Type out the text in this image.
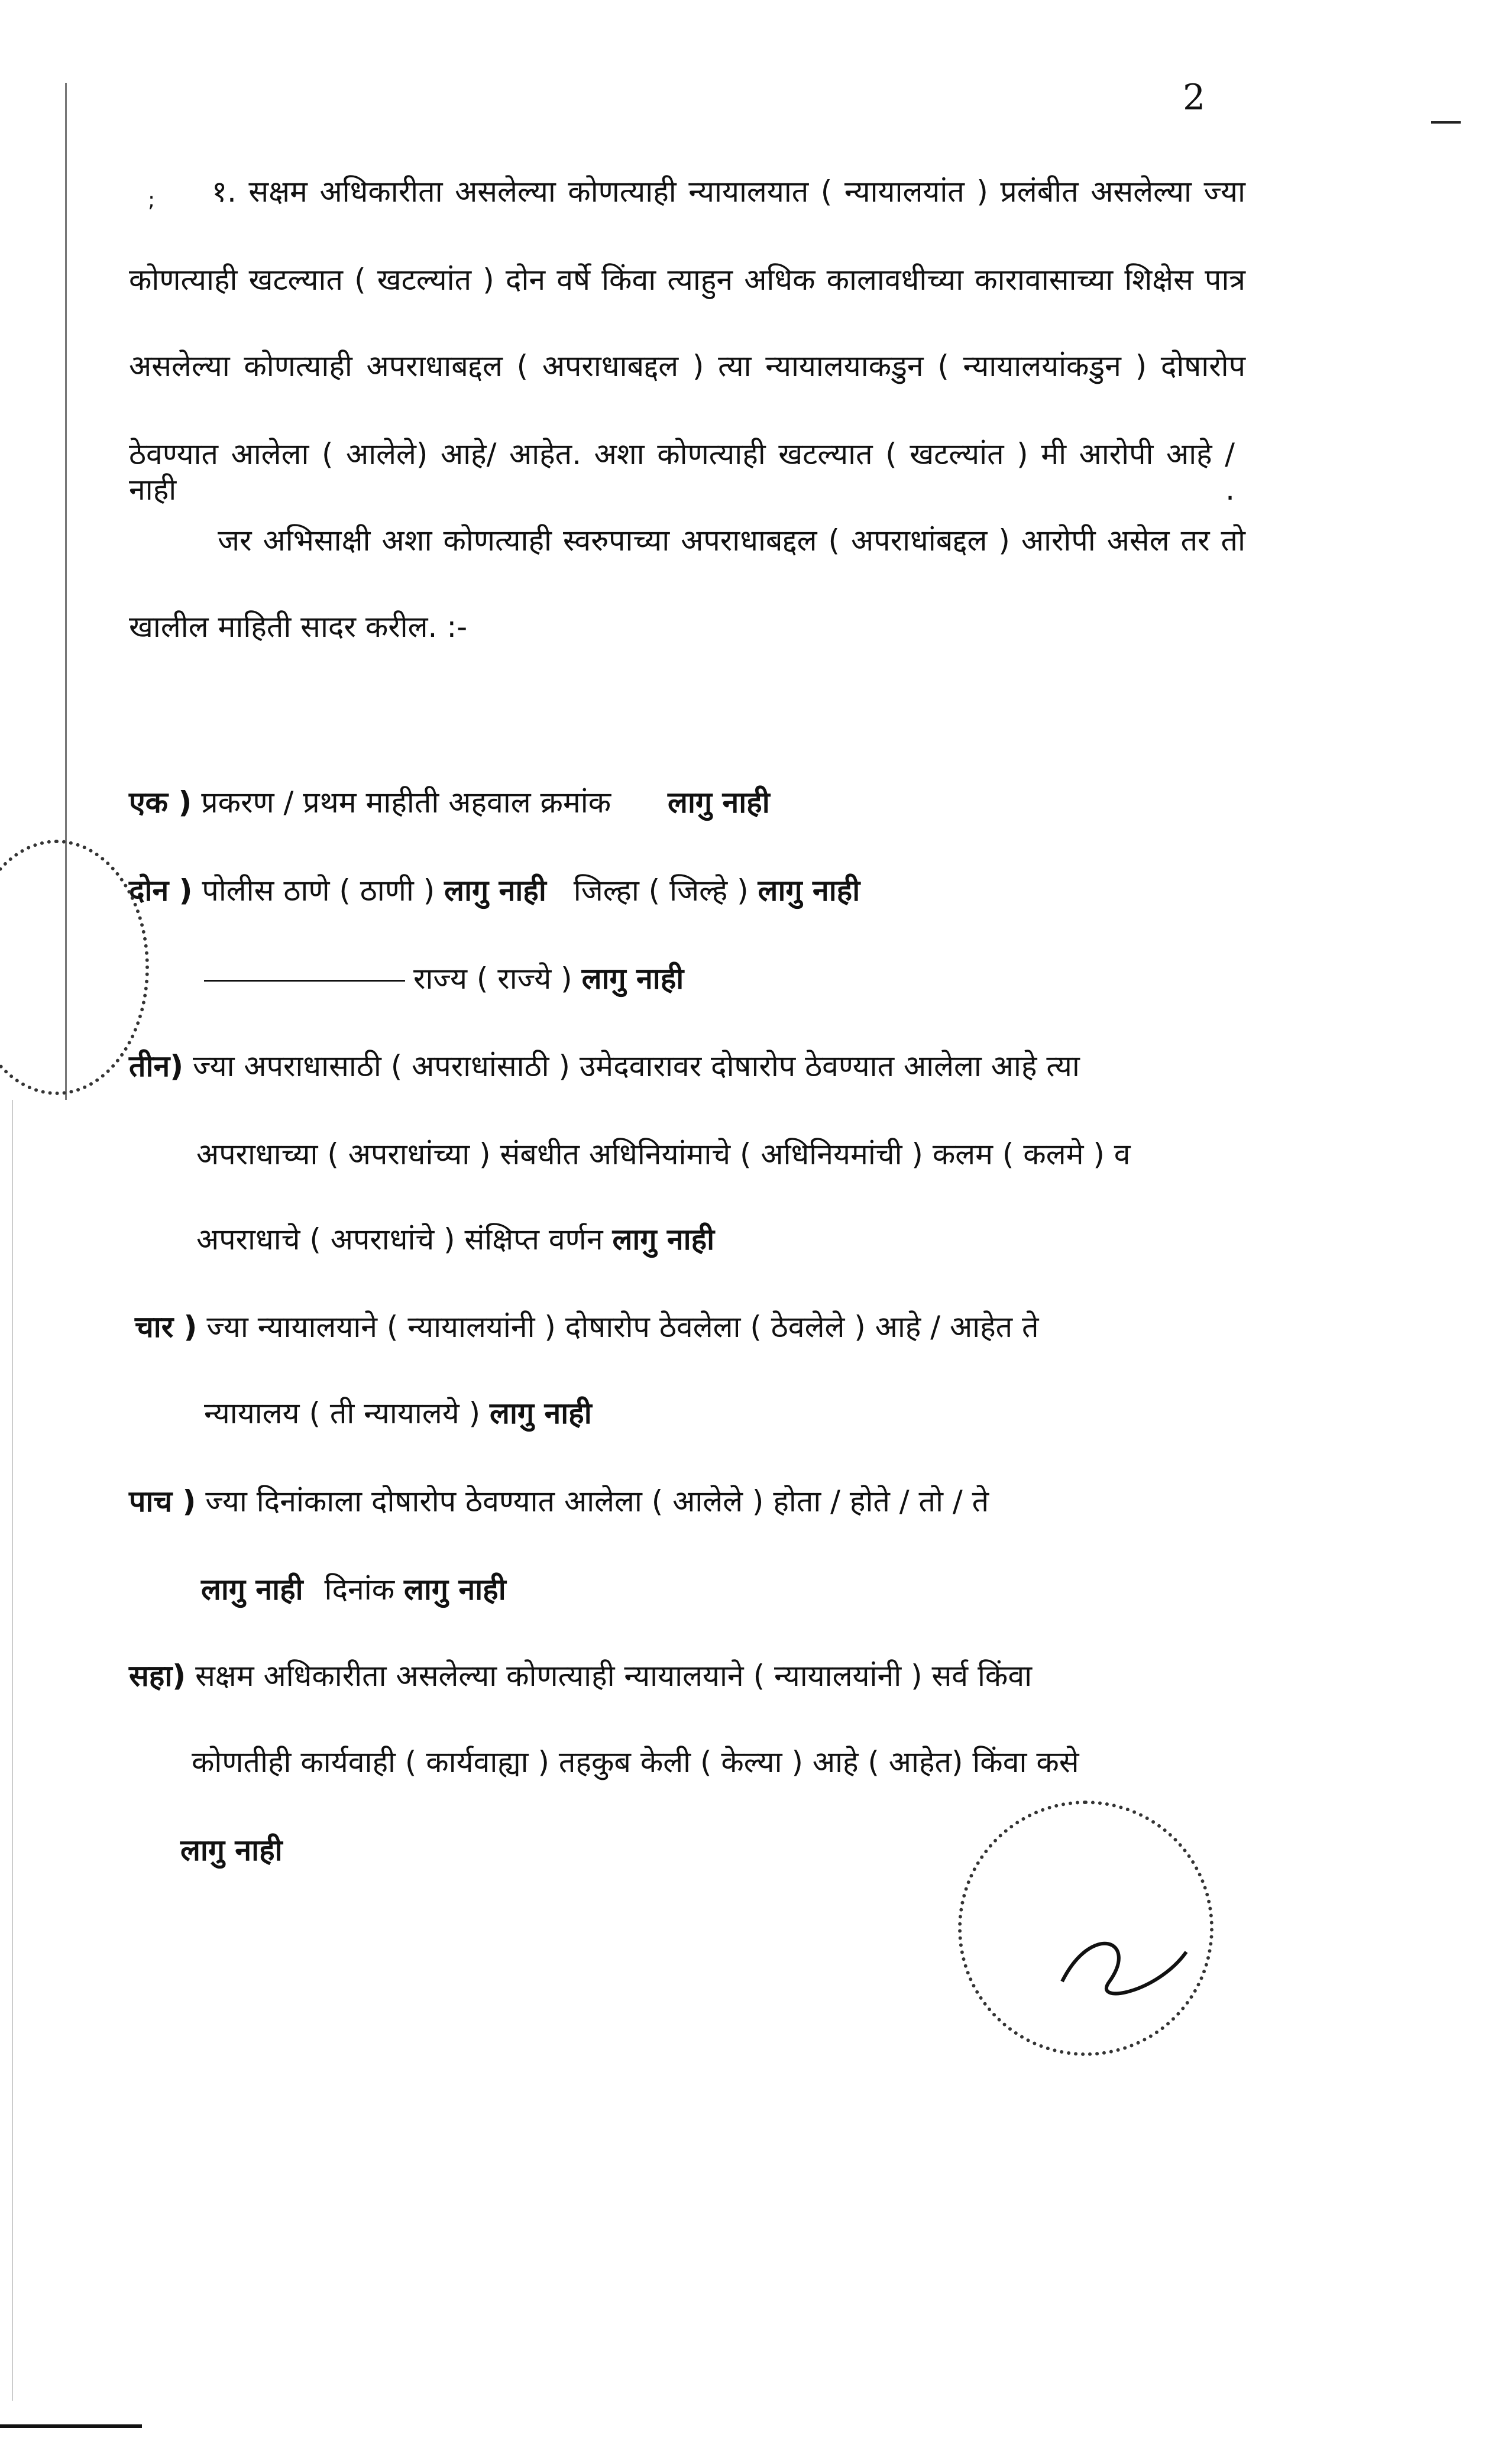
2
;	१. सक्षम अधिकारीता असलेल्या कोणत्याही न्यायालयात ( न्यायालयांत ) प्रलंबीत असलेल्या ज्या
कोणत्याही खटल्यात ( खटल्यांत ) दोन वर्षे किंवा त्याहुन अधिक कालावधीच्या कारावासाच्या शिक्षेस पात्र
असलेल्या कोणत्याही अपराधाबद्दल ( अपराधाबद्दल ) त्या न्यायालयाकडुन ( न्यायालयांकडुन ) दोषारोप
ठेवण्यात आलेला ( आलेले) आहे/ आहेत. अशा कोणत्याही खटल्यात ( खटल्यांत ) मी आरोपी आहे / नाही .
जर अभिसाक्षी अशा कोणत्याही स्वरुपाच्या अपराधाबद्दल ( अपराधांबद्दल ) आरोपी असेल तर तो
खालील माहिती सादर करील. :-
एक ) प्रकरण / प्रथम माहीती अहवाल क्रमांक लागु नाही
दोन ) पोलीस ठाणे ( ठाणी ) लागु नाही जिल्हा ( जिल्हे ) लागु नाही
राज्य ( राज्ये ) लागु नाही
तीन) ज्या अपराधासाठी ( अपराधांसाठी ) उमेदवारावर दोषारोप ठेवण्यात आलेला आहे त्या
अपराधाच्या ( अपराधांच्या ) संबधीत अधिनियांमाचे ( अधिनियमांची ) कलम ( कलमे ) व
अपराधाचे ( अपराधांचे ) संक्षिप्त वर्णन लागु नाही
चार ) ज्या न्यायालयाने ( न्यायालयांनी ) दोषारोप ठेवलेला ( ठेवलेले ) आहे / आहेत ते
न्यायालय ( ती न्यायालये ) लागु नाही
पाच ) ज्या दिनांकाला दोषारोप ठेवण्यात आलेला ( आलेले ) होता / होते / तो / ते
लागु नाही दिनांक लागु नाही
सहा) सक्षम अधिकारीता असलेल्या कोणत्याही न्यायालयाने ( न्यायालयांनी ) सर्व किंवा
कोणतीही कार्यवाही ( कार्यवाह्या ) तहकुब केली ( केल्या ) आहे ( आहेत) किंवा कसे
लागु नाही
